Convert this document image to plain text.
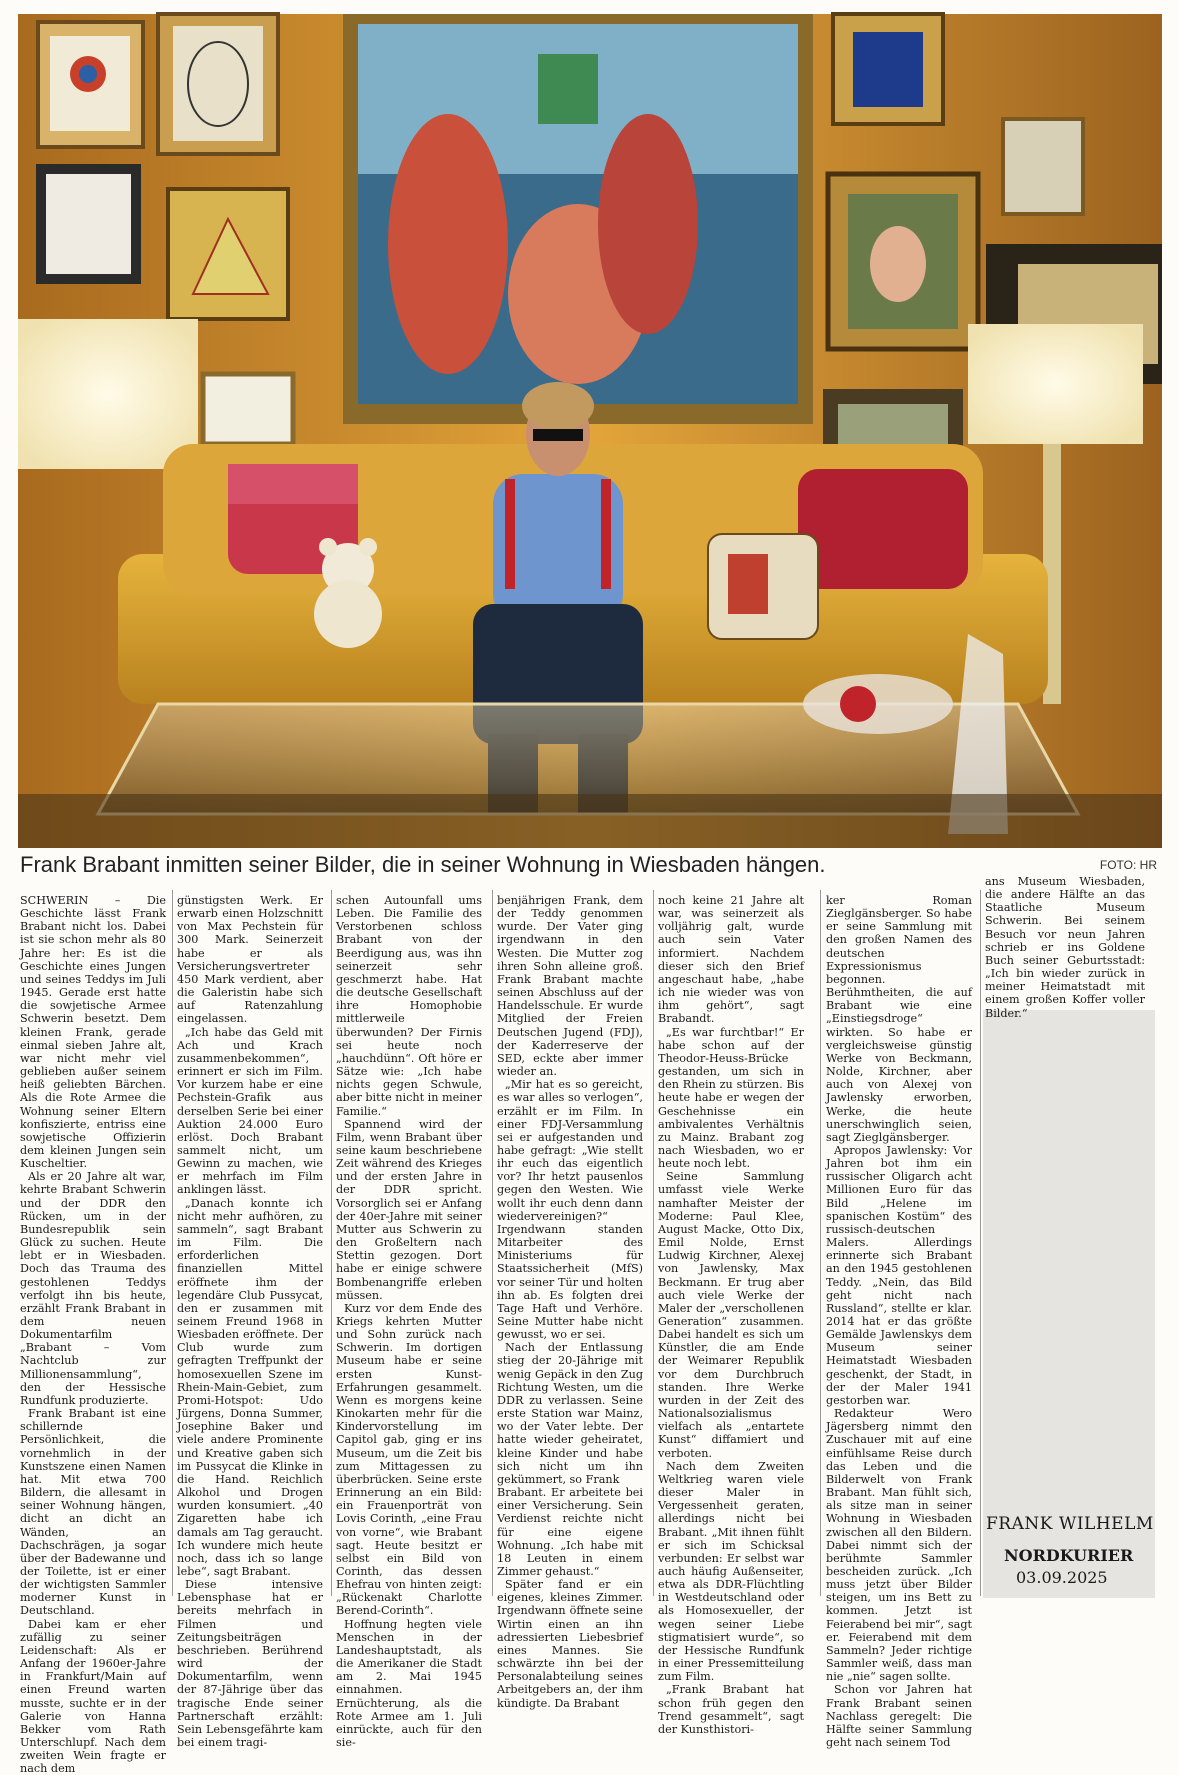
Frank Brabant inmitten seiner Bilder, die in seiner Wohnung in Wiesbaden hängen.	FOTO: HR

SCHWERIN – Die Geschichte lässt Frank Brabant nicht los. Dabei ist sie schon mehr als 80 Jahre her: Es ist die Geschichte eines Jungen und seines Teddys im Juli 1945. Gerade erst hatte die sowjetische Armee Schwerin besetzt. Dem kleinen Frank, gerade einmal sieben Jahre alt, war nicht mehr viel geblieben außer seinem heiß geliebten Bärchen. Als die Rote Armee die Wohnung seiner Eltern konfiszierte, entriss eine sowjetische Offizierin dem kleinen Jungen sein Kuscheltier.

Als er 20 Jahre alt war, kehrte Brabant Schwerin und der DDR den Rücken, um in der Bundesrepublik sein Glück zu suchen. Heute lebt er in Wiesbaden. Doch das Trauma des gestohlenen Teddys verfolgt ihn bis heute, erzählt Frank Brabant in dem neuen Dokumentarfilm „Brabant – Vom Nachtclub zur Millionensammlung“, den der Hessische Rundfunk produzierte.

Frank Brabant ist eine schillernde Persönlichkeit, die vornehmlich in der Kunstszene einen Namen hat. Mit etwa 700 Bildern, die allesamt in seiner Wohnung hängen, dicht an dicht an Wänden, an Dachschrägen, ja sogar über der Badewanne und der Toilette, ist er einer der wichtigsten Sammler moderner Kunst in Deutschland.

Dabei kam er eher zufällig zu seiner Leidenschaft: Als er Anfang der 1960er-Jahre in Frankfurt/Main auf einen Freund warten musste, suchte er in der Galerie von Hanna Bekker vom Rath Unterschlupf. Nach dem zweiten Wein fragte er nach dem

günstigsten Werk. Er erwarb einen Holzschnitt von Max Pechstein für 300 Mark. Seinerzeit habe er als Versicherungsvertreter 450 Mark verdient, aber die Galeristin habe sich auf Ratenzahlung eingelassen.

„Ich habe das Geld mit Ach und Krach zusammenbekommen“, erinnert er sich im Film. Vor kurzem habe er eine Pechstein-Grafik aus derselben Serie bei einer Auktion 24.000 Euro erlöst. Doch Brabant sammelt nicht, um Gewinn zu machen, wie er mehrfach im Film anklingen lässt.

„Danach konnte ich nicht mehr aufhören, zu sammeln“, sagt Brabant im Film. Die erforderlichen finanziellen Mittel eröffnete ihm der legendäre Club Pussycat, den er zusammen mit seinem Freund 1968 in Wiesbaden eröffnete. Der Club wurde zum gefragten Treffpunkt der homosexuellen Szene im Rhein-Main-Gebiet, zum Promi-Hotspot: Udo Jürgens, Donna Summer, Josephine Baker und viele andere Prominente und Kreative gaben sich im Pussycat die Klinke in die Hand. Reichlich Alkohol und Drogen wurden konsumiert. „40 Zigaretten habe ich damals am Tag geraucht. Ich wundere mich heute noch, dass ich so lange lebe“, sagt Brabant.

Diese intensive Lebensphase hat er bereits mehrfach in Filmen und Zeitungsbeiträgen beschrieben. Berührend wird der Dokumentarfilm, wenn der 87-Jährige über das tragische Ende seiner Partnerschaft erzählt: Sein Lebensgefährte kam bei einem tragi-

schen Autounfall ums Leben. Die Familie des Verstorbenen schloss Brabant von der Beerdigung aus, was ihn seinerzeit sehr geschmerzt habe. Hat die deutsche Gesellschaft ihre Homophobie mittlerweile überwunden? Der Firnis sei heute noch „hauchdünn“. Oft höre er Sätze wie: „Ich habe nichts gegen Schwule, aber bitte nicht in meiner Familie.“

Spannend wird der Film, wenn Brabant über seine kaum beschriebene Zeit während des Krieges und der ersten Jahre in der DDR spricht. Vorsorglich sei er Anfang der 40er-Jahre mit seiner Mutter aus Schwerin zu den Großeltern nach Stettin gezogen. Dort habe er einige schwere Bombenangriffe erleben müssen.

Kurz vor dem Ende des Kriegs kehrten Mutter und Sohn zurück nach Schwerin. Im dortigen Museum habe er seine ersten Kunst-Erfahrungen gesammelt. Wenn es morgens keine Kinokarten mehr für die Kindervorstellung im Capitol gab, ging er ins Museum, um die Zeit bis zum Mittagessen zu überbrücken. Seine erste Erinnerung an ein Bild: ein Frauenporträt von Lovis Corinth, „eine Frau von vorne“, wie Brabant sagt. Heute besitzt er selbst ein Bild von Corinth, das dessen Ehefrau von hinten zeigt: „Rückenakt Charlotte Berend-Corinth“.

Hoffnung hegten viele Menschen in der Landeshauptstadt, als die Amerikaner die Stadt am 2. Mai 1945 einnahmen. Ernüchterung, als die Rote Armee am 1. Juli einrückte, auch für den sie-

benjährigen Frank, dem der Teddy genommen wurde. Der Vater ging irgendwann in den Westen. Die Mutter zog ihren Sohn alleine groß. Frank Brabant machte seinen Abschluss auf der Handelsschule. Er wurde Mitglied der Freien Deutschen Jugend (FDJ), der Kaderreserve der SED, eckte aber immer wieder an.

„Mir hat es so gereicht, es war alles so verlogen“, erzählt er im Film. In einer FDJ-Versammlung sei er aufgestanden und habe gefragt: „Wie stellt ihr euch das eigentlich vor? Ihr hetzt pausenlos gegen den Westen. Wie wollt ihr euch denn dann wiedervereinigen?“ Irgendwann standen Mitarbeiter des Ministeriums für Staatssicherheit (MfS) vor seiner Tür und holten ihn ab. Es folgten drei Tage Haft und Verhöre. Seine Mutter habe nicht gewusst, wo er sei.

Nach der Entlassung stieg der 20-Jährige mit wenig Gepäck in den Zug Richtung Westen, um die DDR zu verlassen. Seine erste Station war Mainz, wo der Vater lebte. Der hatte wieder geheiratet, kleine Kinder und habe sich nicht um ihn gekümmert, so Frank

Brabant. Er arbeitete bei einer Versicherung. Sein Verdienst reichte nicht für eine eigene Wohnung. „Ich habe mit 18 Leuten in einem Zimmer gehaust.“

Später fand er ein eigenes, kleines Zimmer. Irgendwann öffnete seine Wirtin einen an ihn adressierten Liebesbrief eines Mannes. Sie schwärzte ihn bei der Personalabteilung seines Arbeitgebers an, der ihm kündigte. Da Brabant

noch keine 21 Jahre alt war, was seinerzeit als volljährig galt, wurde auch sein Vater informiert. Nachdem dieser sich den Brief angeschaut habe, „habe ich nie wieder was von ihm gehört“, sagt Brabandt.

„Es war furchtbar!“ Er habe schon auf der Theodor-Heuss-Brücke gestanden, um sich in den Rhein zu stürzen. Bis heute habe er wegen der Geschehnisse ein ambivalentes Verhältnis zu Mainz. Brabant zog nach Wiesbaden, wo er heute noch lebt.

Seine Sammlung umfasst viele Werke namhafter Meister der Moderne: Paul Klee, August Macke, Otto Dix, Emil Nolde, Ernst Ludwig Kirchner, Alexej von Jawlensky, Max Beckmann. Er trug aber auch viele Werke der Maler der „verschollenen Generation“ zusammen. Dabei handelt es sich um Künstler, die am Ende der Weimarer Republik vor dem Durchbruch standen. Ihre Werke wurden in der Zeit des Nationalsozialismus vielfach als „entartete Kunst“ diffamiert und verboten.

Nach dem Zweiten Weltkrieg waren viele dieser Maler in Vergessenheit geraten, allerdings nicht bei Brabant. „Mit ihnen fühlt er sich im Schicksal verbunden: Er selbst war auch häufig Außenseiter, etwa als DDR-Flüchtling in Westdeutschland oder als Homosexueller, der wegen seiner Liebe stigmatisiert wurde“, so der Hessische Rundfunk in einer Pressemitteilung zum Film.

„Frank Brabant hat schon früh gegen den Trend gesammelt“, sagt der Kunsthistori-

ker Roman Zieglgänsberger. So habe er seine Sammlung mit den großen Namen des deutschen Expressionismus begonnen. Berühmtheiten, die auf Brabant wie eine „Einstiegsdroge“ wirkten. So habe er vergleichsweise günstig Werke von Beckmann, Nolde, Kirchner, aber auch von Alexej von Jawlensky erworben, Werke, die heute unerschwinglich seien, sagt Zieglgänsberger.

Apropos Jawlensky: Vor Jahren bot ihm ein russischer Oligarch acht Millionen Euro für das Bild „Helene im spanischen Kostüm“ des russisch-deutschen Malers. Allerdings erinnerte sich Brabant an den 1945 gestohlenen Teddy. „Nein, das Bild geht nicht nach Russland“, stellte er klar. 2014 hat er das größte Gemälde Jawlenskys dem Museum seiner Heimatstadt Wiesbaden geschenkt, der Stadt, in der der Maler 1941 gestorben war.

Redakteur Wero Jägersberg nimmt den Zuschauer mit auf eine einfühlsame Reise durch das Leben und die Bilderwelt von Frank Brabant. Man fühlt sich, als sitze man in seiner Wohnung in Wiesbaden zwischen all den Bildern. Dabei nimmt sich der berühmte Sammler bescheiden zurück. „Ich muss jetzt über Bilder steigen, um ins Bett zu kommen. Jetzt ist Feierabend bei mir“, sagt er. Feierabend mit dem Sammeln? Jeder richtige Sammler weiß, dass man nie „nie“ sagen sollte.

Schon vor Jahren hat Frank Brabant seinen Nachlass geregelt: Die Hälfte seiner Sammlung geht nach seinem Tod

ans Museum Wiesbaden, die andere Hälfte an das Staatliche Museum Schwerin. Bei seinem Besuch vor neun Jahren schrieb er ins Goldene Buch seiner Geburtsstadt: „Ich bin wieder zurück in meiner Heimatstadt mit einem großen Koffer voller Bilder.“

FRANK WILHELM
NORDKURIER
03.09.2025
